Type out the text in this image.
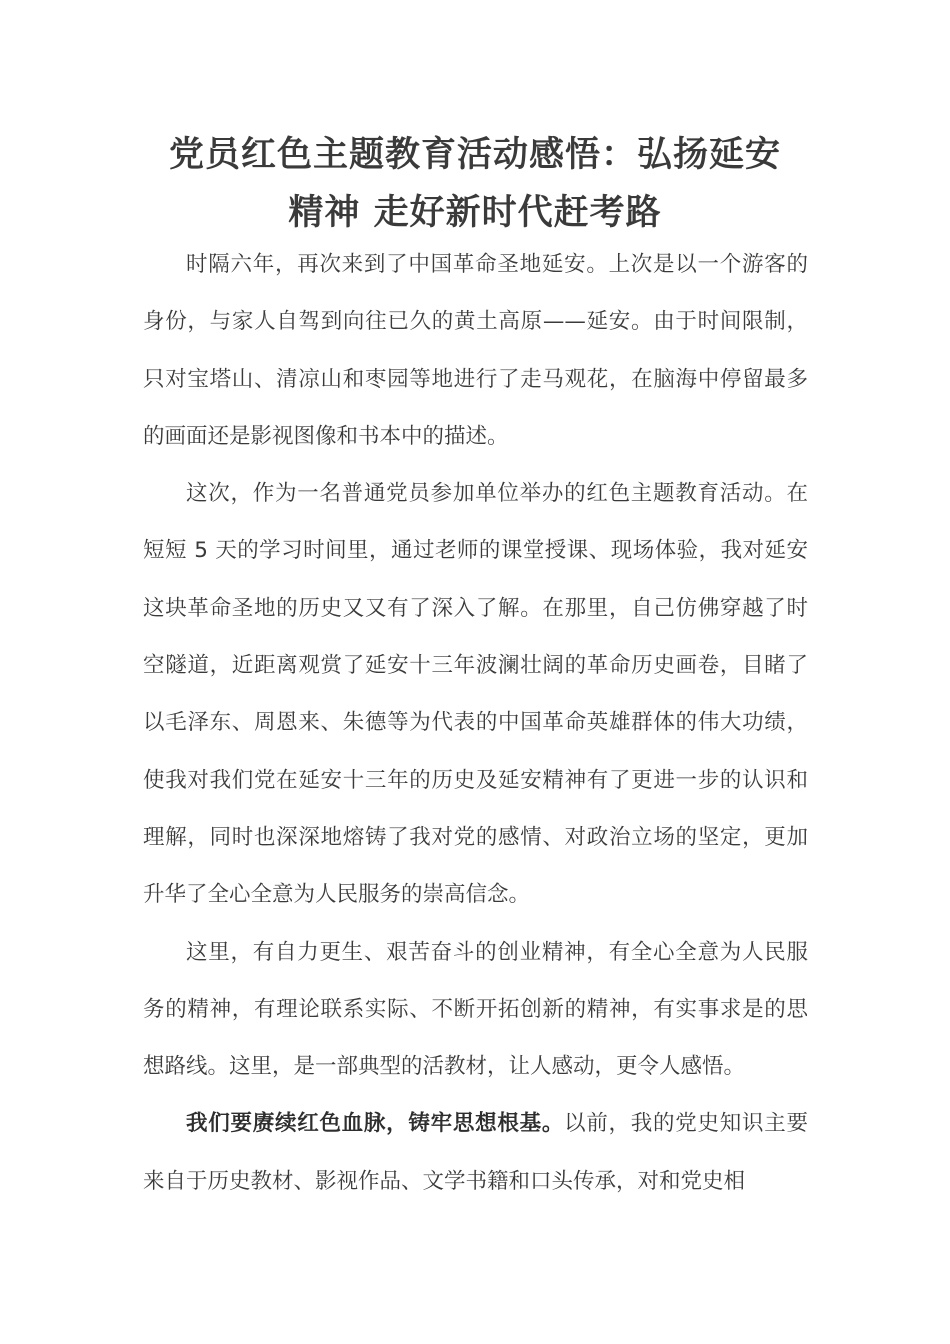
党员红色主题教育活动感悟：弘扬延安
精神 走好新时代赶考路

时隔六年，再次来到了中国革命圣地延安。上次是以一个游客的身份，与家人自驾到向往已久的黄土高原——延安。由于时间限制，只对宝塔山、清凉山和枣园等地进行了走马观花，在脑海中停留最多的画面还是影视图像和书本中的描述。

这次，作为一名普通党员参加单位举办的红色主题教育活动。在短短 5 天的学习时间里，通过老师的课堂授课、现场体验，我对延安这块革命圣地的历史又又有了深入了解。在那里，自己仿佛穿越了时空隧道，近距离观赏了延安十三年波澜壮阔的革命历史画卷，目睹了以毛泽东、周恩来、朱德等为代表的中国革命英雄群体的伟大功绩，使我对我们党在延安十三年的历史及延安精神有了更进一步的认识和理解，同时也深深地熔铸了我对党的感情、对政治立场的坚定，更加升华了全心全意为人民服务的崇高信念。

这里，有自力更生、艰苦奋斗的创业精神，有全心全意为人民服务的精神，有理论联系实际、不断开拓创新的精神，有实事求是的思想路线。这里，是一部典型的活教材，让人感动，更令人感悟。

我们要赓续红色血脉，铸牢思想根基。以前，我的党史知识主要来自于历史教材、影视作品、文学书籍和口头传承，对和党史相
